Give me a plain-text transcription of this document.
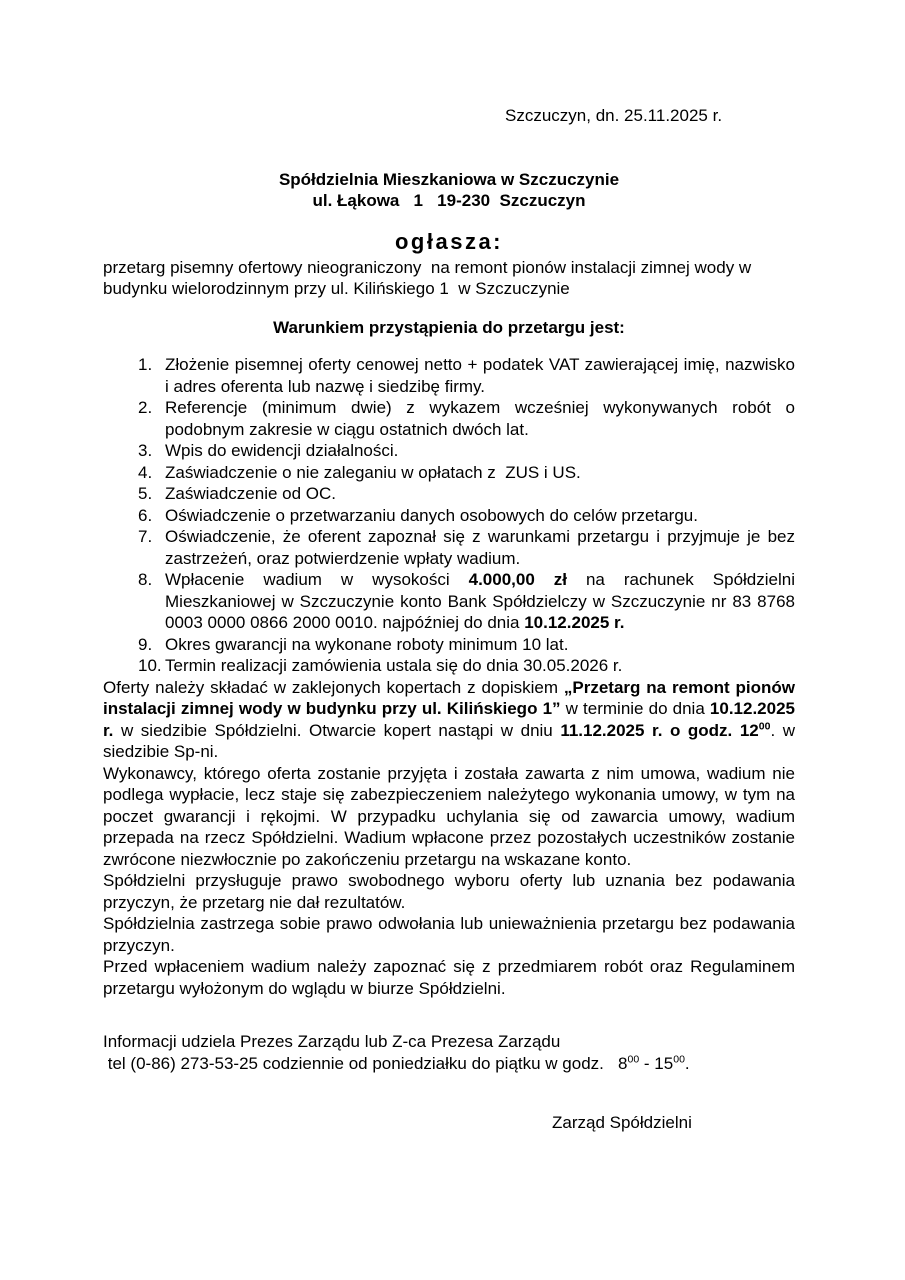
Szczuczyn, dn. 25.11.2025 r.
Spółdzielnia Mieszkaniowa w Szczuczynie
ul. Łąkowa   1   19-230  Szczuczyn
ogłasza:
przetarg pisemny ofertowy nieograniczony  na remont pionów instalacji zimnej wody w budynku wielorodzinnym przy ul. Kilińskiego 1  w Szczuczynie
Warunkiem przystąpienia do przetargu jest:
1. Złożenie pisemnej oferty cenowej netto + podatek VAT zawierającej imię, nazwisko i adres oferenta lub nazwę i siedzibę firmy.
2. Referencje (minimum dwie) z wykazem wcześniej wykonywanych robót o podobnym zakresie w ciągu ostatnich dwóch lat.
3. Wpis do ewidencji działalności.
4. Zaświadczenie o nie zaleganiu w opłatach z  ZUS i US.
5. Zaświadczenie od OC.
6. Oświadczenie o przetwarzaniu danych osobowych do celów przetargu.
7. Oświadczenie, że oferent zapoznał się z warunkami przetargu i przyjmuje je bez zastrzeżeń, oraz potwierdzenie wpłaty wadium.
8. Wpłacenie wadium w wysokości 4.000,00 zł na rachunek Spółdzielni Mieszkaniowej w Szczuczynie konto Bank Spółdzielczy w Szczuczynie nr 83 8768 0003 0000 0866 2000 0010. najpóźniej do dnia 10.12.2025 r.
9. Okres gwarancji na wykonane roboty minimum 10 lat.
10. Termin realizacji zamówienia ustala się do dnia 30.05.2026 r.

Oferty należy składać w zaklejonych kopertach z dopiskiem „Przetarg na remont pionów instalacji zimnej wody w budynku przy ul. Kilińskiego 1” w terminie do dnia 10.12.2025 r. w siedzibie Spółdzielni. Otwarcie kopert nastąpi w dniu 11.12.2025 r. o godz. $12^{00}$. w siedzibie Sp-ni.

Wykonawcy, którego oferta zostanie przyjęta i została zawarta z nim umowa, wadium nie podlega wypłacie, lecz staje się zabezpieczeniem należytego wykonania umowy, w tym na poczet gwarancji i rękojmi. W przypadku uchylania się od zawarcia umowy, wadium przepada na rzecz Spółdzielni. Wadium wpłacone przez pozostałych uczestników zostanie zwrócone niezwłocznie po zakończeniu przetargu na wskazane konto.

Spółdzielni przysługuje prawo swobodnego wyboru oferty lub uznania bez podawania przyczyn, że przetarg nie dał rezultatów.

Spółdzielnia zastrzega sobie prawo odwołania lub unieważnienia przetargu bez podawania przyczyn.

Przed wpłaceniem wadium należy zapoznać się z przedmiarem robót oraz Regulaminem przetargu wyłożonym do wglądu w biurze Spółdzielni.

Informacji udziela Prezes Zarządu lub Z-ca Prezesa Zarządu
tel (0-86) 273-53-25 codziennie od poniedziałku do piątku w godz.   $8^{00} - 15^{00}$.
Zarząd Spółdzielni
